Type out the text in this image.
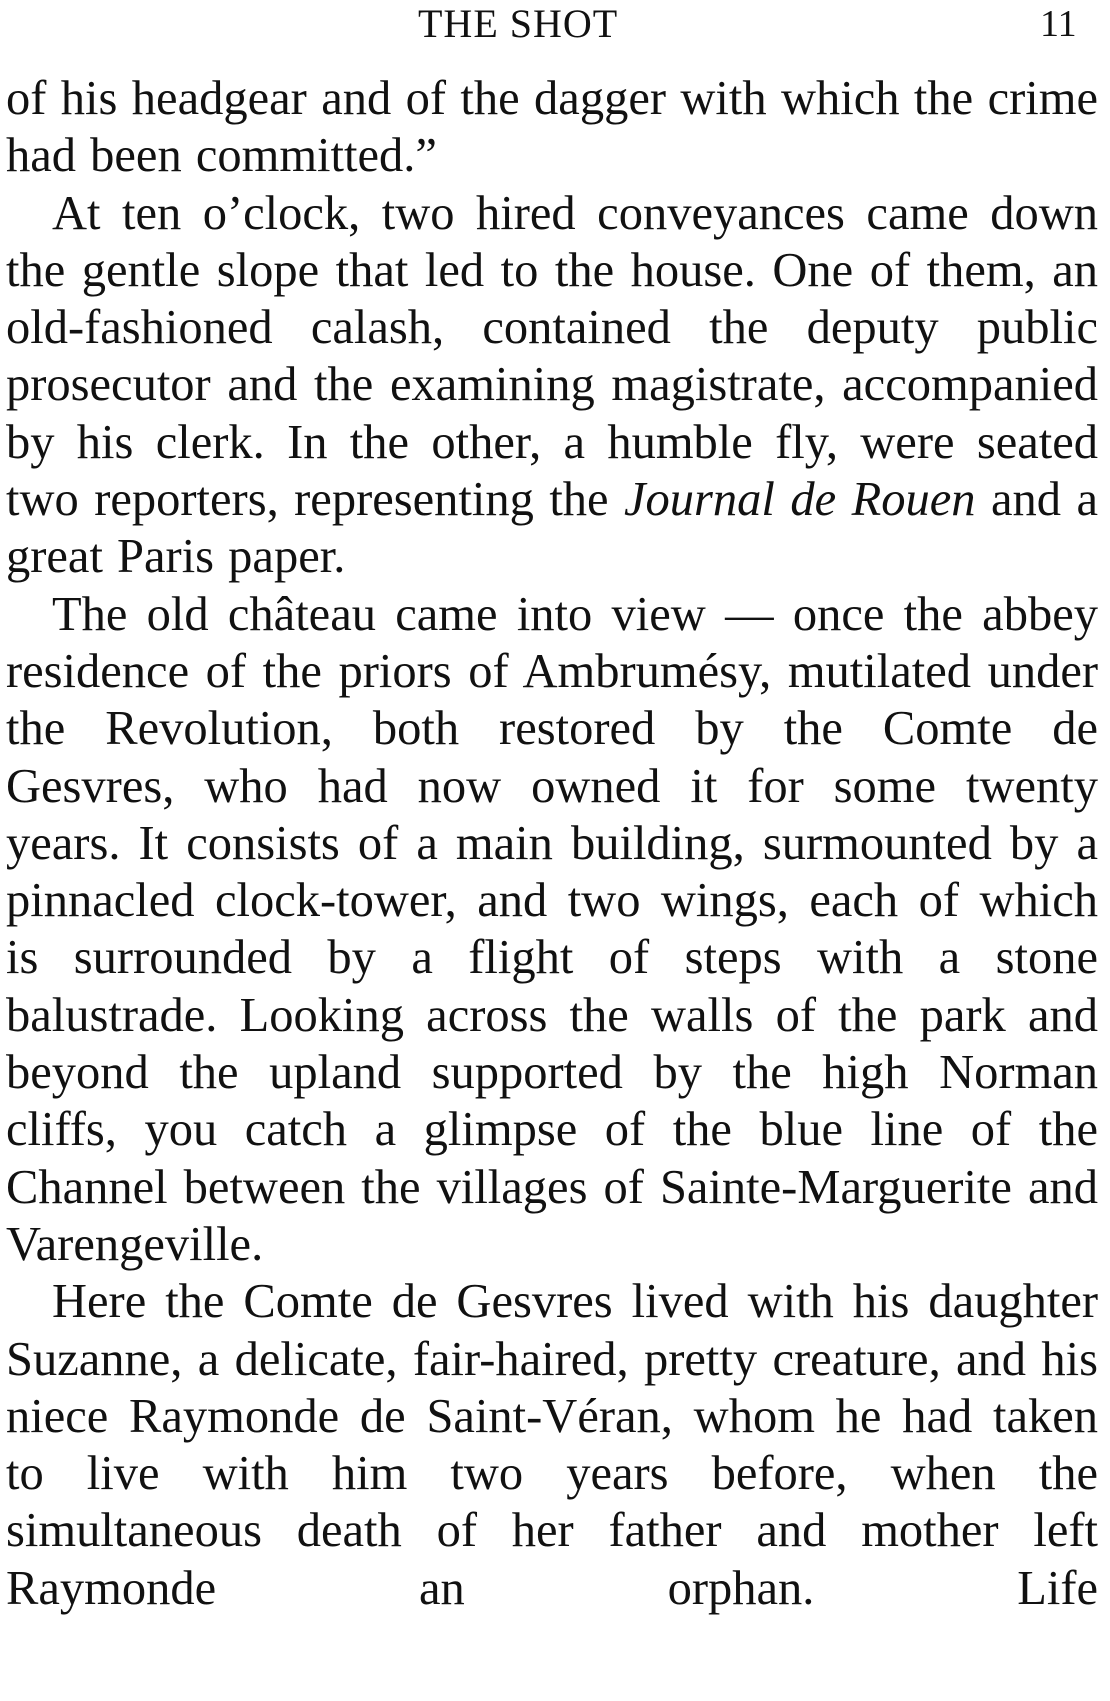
THE SHOT	11

of his headgear and of the dagger with which the crime had been committed.”

At ten o’clock, two hired conveyances came down the gentle slope that led to the house. One of them, an old-fashioned calash, contained the deputy public prosecutor and the examining magistrate, accompanied by his clerk. In the other, a humble fly, were seated two reporters, representing the Journal de Rouen and a great Paris paper.

The old château came into view — once the abbey residence of the priors of Ambrumésy, mutilated under the Revolution, both restored by the Comte de Gesvres, who had now owned it for some twenty years. It consists of a main building, surmounted by a pinnacled clock-tower, and two wings, each of which is surrounded by a flight of steps with a stone balustrade. Looking across the walls of the park and beyond the upland supported by the high Norman cliffs, you catch a glimpse of the blue line of the Channel between the villages of Sainte-Marguerite and Varengeville.

Here the Comte de Gesvres lived with his daughter Suzanne, a delicate, fair-haired, pretty creature, and his niece Raymonde de Saint-Véran, whom he had taken to live with him two years before, when the simultaneous death of her father and mother left Raymonde an orphan. Life
